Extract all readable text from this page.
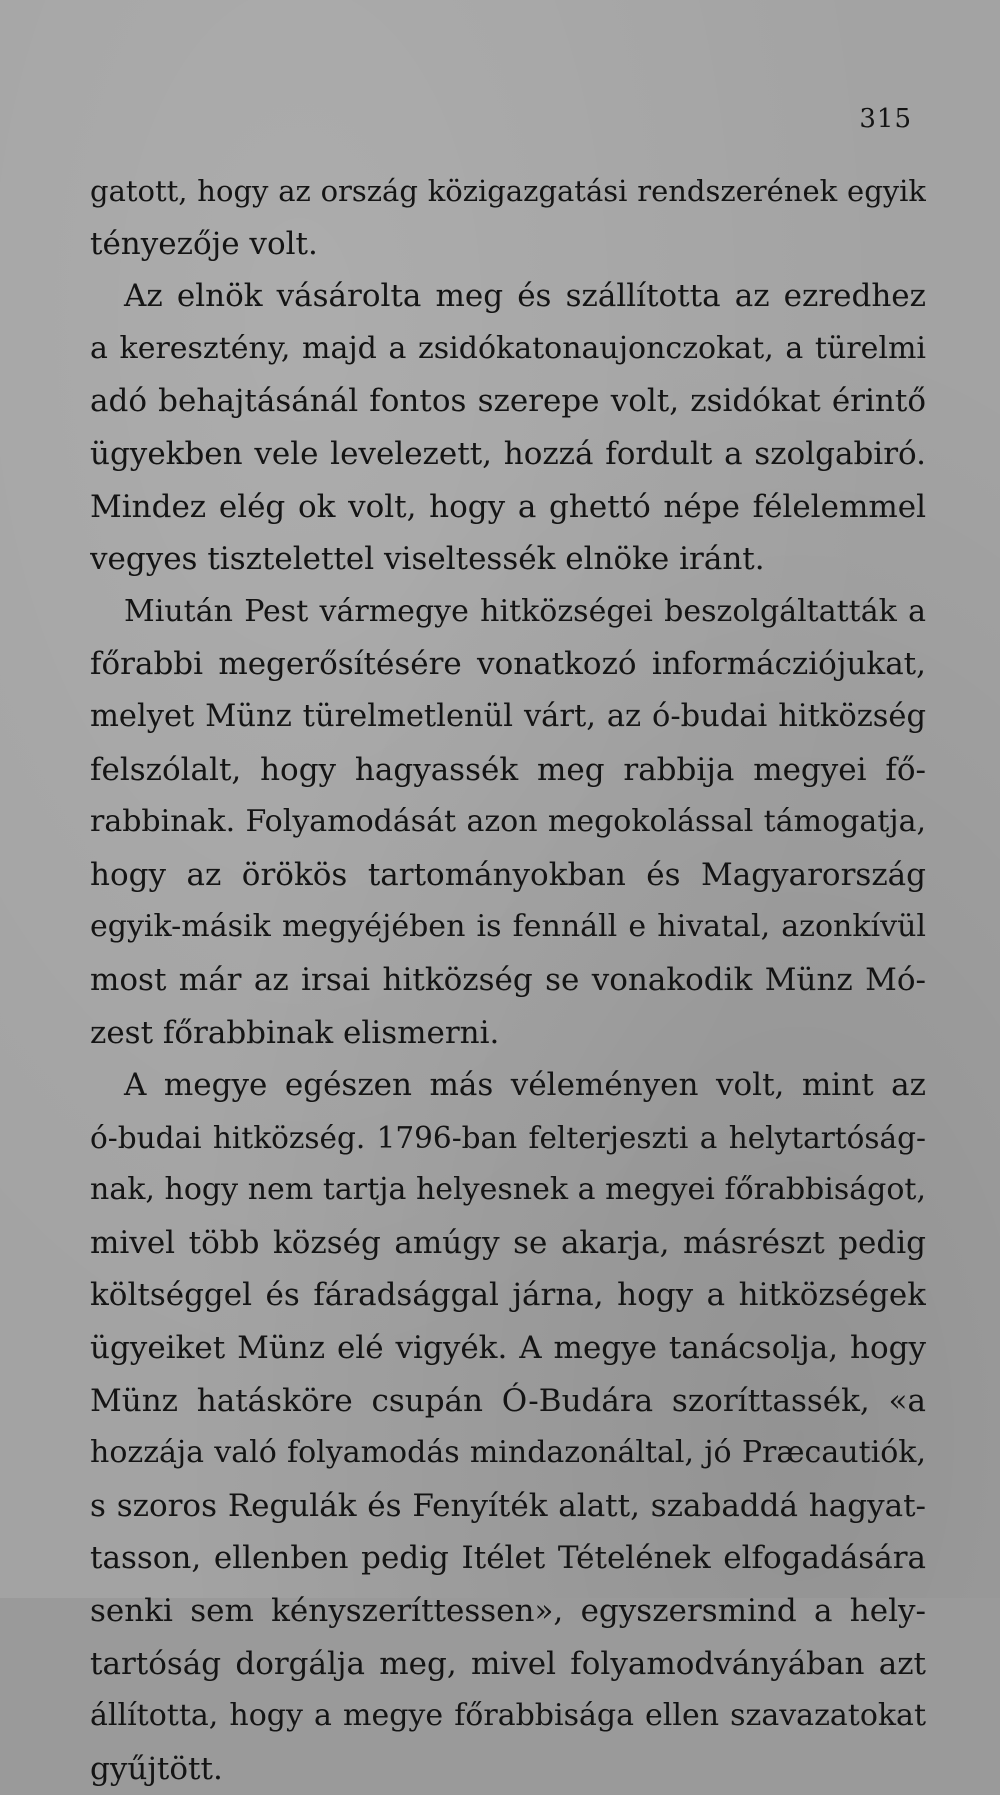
315
gatott, hogy az ország közigazgatási rendszerének egyik
tényezője volt.
Az elnök vásárolta meg és szállította az ezredhez
a keresztény, majd a zsidókatonaujonczokat, a türelmi
adó behajtásánál fontos szerepe volt, zsidókat érintő
ügyekben vele levelezett, hozzá fordult a szolgabiró.
Mindez elég ok volt, hogy a ghettó népe félelemmel
vegyes tisztelettel viseltessék elnöke iránt.
Miután Pest vármegye hitközségei beszolgáltatták a
főrabbi megerősítésére vonatkozó informácziójukat,
melyet Münz türelmetlenül várt, az ó-budai hitközség
felszólalt, hogy hagyassék meg rabbija megyei fő-
rabbinak. Folyamodását azon megokolással támogatja,
hogy az örökös tartományokban és Magyarország
egyik-másik megyéjében is fennáll e hivatal, azonkívül
most már az irsai hitközség se vonakodik Münz Mó-
zest főrabbinak elismerni.
A megye egészen más véleményen volt, mint az
ó-budai hitközség. 1796-ban felterjeszti a helytartóság-
nak, hogy nem tartja helyesnek a megyei főrabbiságot,
mivel több község amúgy se akarja, másrészt pedig
költséggel és fáradsággal járna, hogy a hitközségek
ügyeiket Münz elé vigyék. A megye tanácsolja, hogy
Münz hatásköre csupán Ó-Budára szoríttassék, «a
hozzája való folyamodás mindazonáltal, jó Præcautiók,
s szoros Regulák és Fenyíték alatt, szabaddá hagyat-
tasson, ellenben pedig Itélet Tételének elfogadására
senki sem kényszeríttessen», egyszersmind a hely-
tartóság dorgálja meg, mivel folyamodványában azt
állította, hogy a megye főrabbisága ellen szavazatokat
gyűjtött.
